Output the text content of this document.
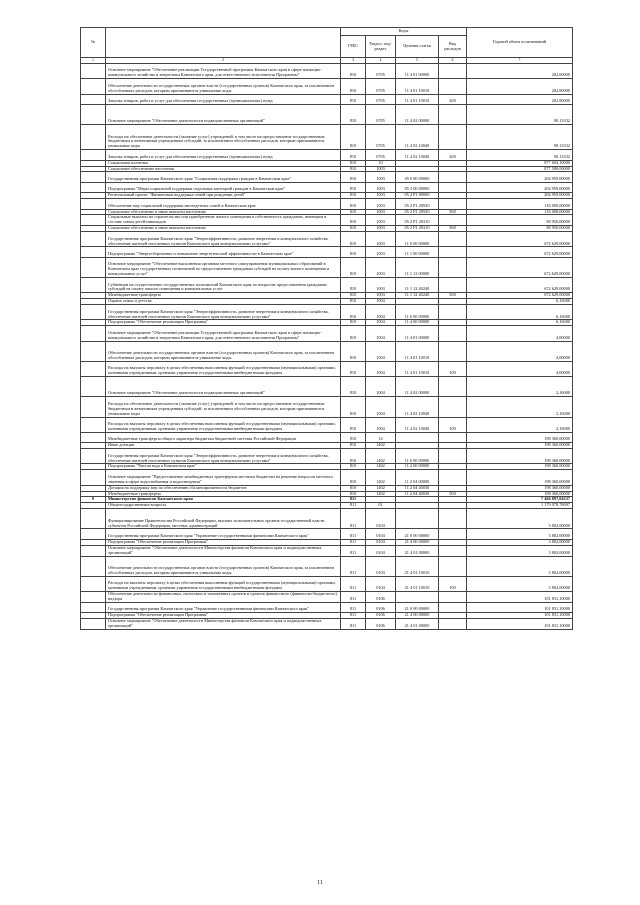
№		Коды				Годовой объем ассигнований
		ГРБС	Раздел, под-раздел	Целевая статья	Вид расходов	
1	2	3	4	5	6	7
	Основное мероприятие "Обеспечение реализации Государственной программы Камчатского края в сфере жилищно-коммунального хозяйства и энергетики Камчатского края, для ответственного исполнителя Программы"	810	0705	11 4 01 00000		202,60000
	Обеспечение деятельности государственных органов власти (государственных органов) Камчатского края, за исключением обособленных расходов, которым присваиваются уникальные коды	810	0705	11 4 01 10010		202,80000
	Закупка товаров, работ и услуг для обеспечения государственных (муниципальных) нужд	810	0705	11 4 01 10010	200	202,80000
	Основное мероприятие "Обеспечение деятельности подведомственных организаций"	810	0705	11 4 02 00000		90,13332
	Расходы на обеспечение деятельности (оказание услуг) учреждений, в том числе на предоставление государственным бюджетным и автономным учреждениям субсидий, за исключением обособленных расходов, которым присваиваются уникальные коды	810	0705	11 4 02 10040		90,13332
	Закупка товаров, работ и услуг для обеспечения государственных (муниципальных) нужд	810	0705	11 4 02 10040	200	90,13332
	Социальная политика	810	10			877 604,10000
	Социальное обеспечение населения	810	1003			877 588,00000
	Государственная программа Камчатского края "Социальная поддержка граждан в Камчатском крае"	810	1003	05 0 00 00000		204 959,00000
	Подпрограмма "Меры социальной поддержки отдельных категорий граждан в Камчатском крае"	810	1003	05 2 00 00000		204 959,00000
	Региональный проект "Финансовая поддержка семей при рождении детей"	810	1003	05 2 P1 00000		204 959,00000
	Обеспечение мер социальной поддержки многодетных семей в Камчатском крае	810	1003	05 2 P1 20920		116 000,00000
	Социальное обеспечение и иные выплаты населению	810	1003	05 2 P1 20920	300	116 000,00000
	Социальные выплаты на строительство или приобретение жилого помещения в собственность гражданам, имеющим в составе семьи детей-инвалидов	810	1003	05 2 P1 20310		88 950,00000
	Социальное обеспечение и иные выплаты населению	810	1003	05 2 P1 20310	300	88 950,00000
	Государственная программа Камчатского края "Энергоэффективность, развитие энергетики и коммунального хозяйства, обеспечение жителей населенных пунктов Камчатского края коммунальными услугами"	810	1003	11 0 00 00000		672 629,00000
	Подпрограмма "Энергосбережение и повышение энергетической эффективности в Камчатском крае"	810	1003	11 1 00 00000		672 629,00000
	Основное мероприятие "Обеспечение выполнения органами местного самоуправления муниципальных образований в Камчатском крае государственных полномочий по предоставлению гражданам субсидий на оплату жилого помещения и коммунальных услуг"	810	1003	11 1 12 00000		672 629,00000
	Субвенции на осуществление государственных полномочий Камчатского края по вопросам предоставления гражданам субсидий на оплату жилого помещения и коммунальных услуг	810	1003	11 1 12 40240		672 629,00000
	Межбюджетные трансферты	810	1003	11 1 12 40240	500	672 629,00000
	Охрана семьи и детства	810	1004			6,16000
	Государственная программа Камчатского края "Энергоэффективность, развитие энергетики и коммунального хозяйства, обеспечение жителей населенных пунктов Камчатского края коммунальными услугами"	810	1004	11 0 00 00000		6,16000
	Подпрограмма "Обеспечение реализации Программы"	810	1004	11 4 00 00000		6,16000
	Основное мероприятие "Обеспечение реализации Государственной программы Камчатского края в сфере жилищно-коммунального хозяйства и энергетики Камчатского края, для ответственного исполнителя Программы"	810	1004	11 4 01 00000		4,00000
	Обеспечение деятельности государственных органов власти (государственных органов) Камчатского края, за исключением обособленных расходов, которым присваиваются уникальные коды	810	1004	11 4 01 10010		4,00000
	Расходы на выплаты персоналу в целях обеспечения выполнения функций государственными (муниципальными) органами, казенными учреждениями, органами управления государственными внебюджетными фондами	810	1004	11 4 01 10010	100	4,00000
	Основное мероприятие "Обеспечение деятельности подведомственных организаций"	810	1004	11 4 02 00000		2,16000
	Расходы на обеспечение деятельности (оказание услуг) учреждений, в том числе на предоставление государственным бюджетным и автономным учреждениям субсидий, за исключением обособленных расходов, которым присваиваются уникальные коды	810	1004	11 4 02 10040		2,16000
	Расходы на выплаты персоналу в целях обеспечения выполнения функций государственными (муниципальными) органами, казенными учреждениями, органами управления государственными внебюджетными фондами	810	1004	11 4 02 10040	100	2,16000
	Межбюджетные трансферты общего характера бюджетам бюджетной системы Российской Федерации	810	14			198 360,00000
	Иные дотации	810	1402			198 360,00000
	Государственная программа Камчатского края "Энергоэффективность, развитие энергетики и коммунального хозяйства, обеспечение жителей населенных пунктов Камчатского края коммунальными услугами"	810	1402	11 0 00 00000		198 360,00000
	Подпрограмма "Чистая вода в Камчатском крае"	810	1402	11 2 00 00000		198 360,00000
	Основное мероприятие "Предоставление межбюджетных трансфертов местным бюджетам на решение вопросов местного значения в сфере водоснабжения и водоотведения"	810	1402	11 2 04 00000		198 360,00000
	Дотация на поддержку мер по обеспечению сбалансированности бюджетов	810	1402	11 2 04 40030		198 360,00000
	Межбюджетные трансферты	810	1402	11 2 04 40030	500	198 360,00000
9	Министерство финансов Камчатского края	811				7 466 897,04237
	Общегосударственные вопросы	811	01			1 179 078,78097
	Функционирование Правительства Российской Федерации, высших исполнительных органов государственной власти субъектов Российской Федерации, местных администраций	811	0104			3 802,00000
	Государственная программа Камчатского края "Управление государственными финансами Камчатского края"	811	0104	21 0 00 00000		3 802,00000
	Подпрограмма "Обеспечение реализации Программы"	811	0104	21 4 00 00000		3 802,00000
	Основное мероприятие "Обеспечение деятельности Министерства финансов Камчатского края и подведомственных организаций"	811	0104	21 4 01 00000		3 802,00000
	Обеспечение деятельности государственных органов власти (государственных органов) Камчатского края, за исключением обособленных расходов, которым присваиваются уникальные коды	811	0104	21 4 01 10010		3 802,00000
	Расходы на выплаты персоналу в целях обеспечения выполнения функций государственными (муниципальными) органами, казенными учреждениями, органами управления государственными внебюджетными фондами	811	0104	21 4 01 10010	100	3 802,00000
	Обеспечение деятельности финансовых, налоговых и таможенных органов и органов финансового (финансово-бюджетного) надзора	811	0106			101 831,10000
	Государственная программа Камчатского края "Управление государственными финансами Камчатского края"	811	0106	21 0 00 00000		101 831,10000
	Подпрограмма "Обеспечение реализации Программы"	811	0106	21 4 00 00000		101 831,10000
	Основное мероприятие "Обеспечение деятельности Министерства финансов Камчатского края и подведомственных организаций"	811	0106	21 4 01 00000		101 831,10000
11
